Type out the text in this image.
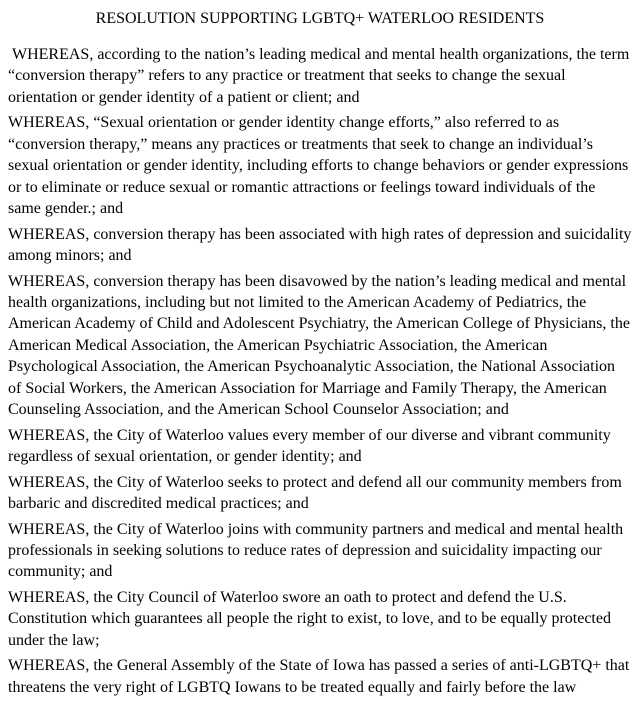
RESOLUTION SUPPORTING LGBTQ+ WATERLOO RESIDENTS

WHEREAS, according to the nation’s leading medical and mental health organizations, the term “conversion therapy” refers to any practice or treatment that seeks to change the sexual orientation or gender identity of a patient or client; and

WHEREAS, “Sexual orientation or gender identity change efforts,” also referred to as “conversion therapy,” means any practices or treatments that seek to change an individual’s sexual orientation or gender identity, including efforts to change behaviors or gender expressions or to eliminate or reduce sexual or romantic attractions or feelings toward individuals of the same gender.; and

WHEREAS, conversion therapy has been associated with high rates of depression and suicidality among minors; and

WHEREAS, conversion therapy has been disavowed by the nation’s leading medical and mental health organizations, including but not limited to the American Academy of Pediatrics, the American Academy of Child and Adolescent Psychiatry, the American College of Physicians, the American Medical Association, the American Psychiatric Association, the American Psychological Association, the American Psychoanalytic Association, the National Association of Social Workers, the American Association for Marriage and Family Therapy, the American Counseling Association, and the American School Counselor Association; and

WHEREAS, the City of Waterloo values every member of our diverse and vibrant community regardless of sexual orientation, or gender identity; and

WHEREAS, the City of Waterloo seeks to protect and defend all our community members from barbaric and discredited medical practices; and

WHEREAS, the City of Waterloo joins with community partners and medical and mental health professionals in seeking solutions to reduce rates of depression and suicidality impacting our community; and

WHEREAS, the City Council of Waterloo swore an oath to protect and defend the U.S. Constitution which guarantees all people the right to exist, to love, and to be equally protected under the law;

WHEREAS, the General Assembly of the State of Iowa has passed a series of anti-LGBTQ+ that threatens the very right of LGBTQ Iowans to be treated equally and fairly before the law
